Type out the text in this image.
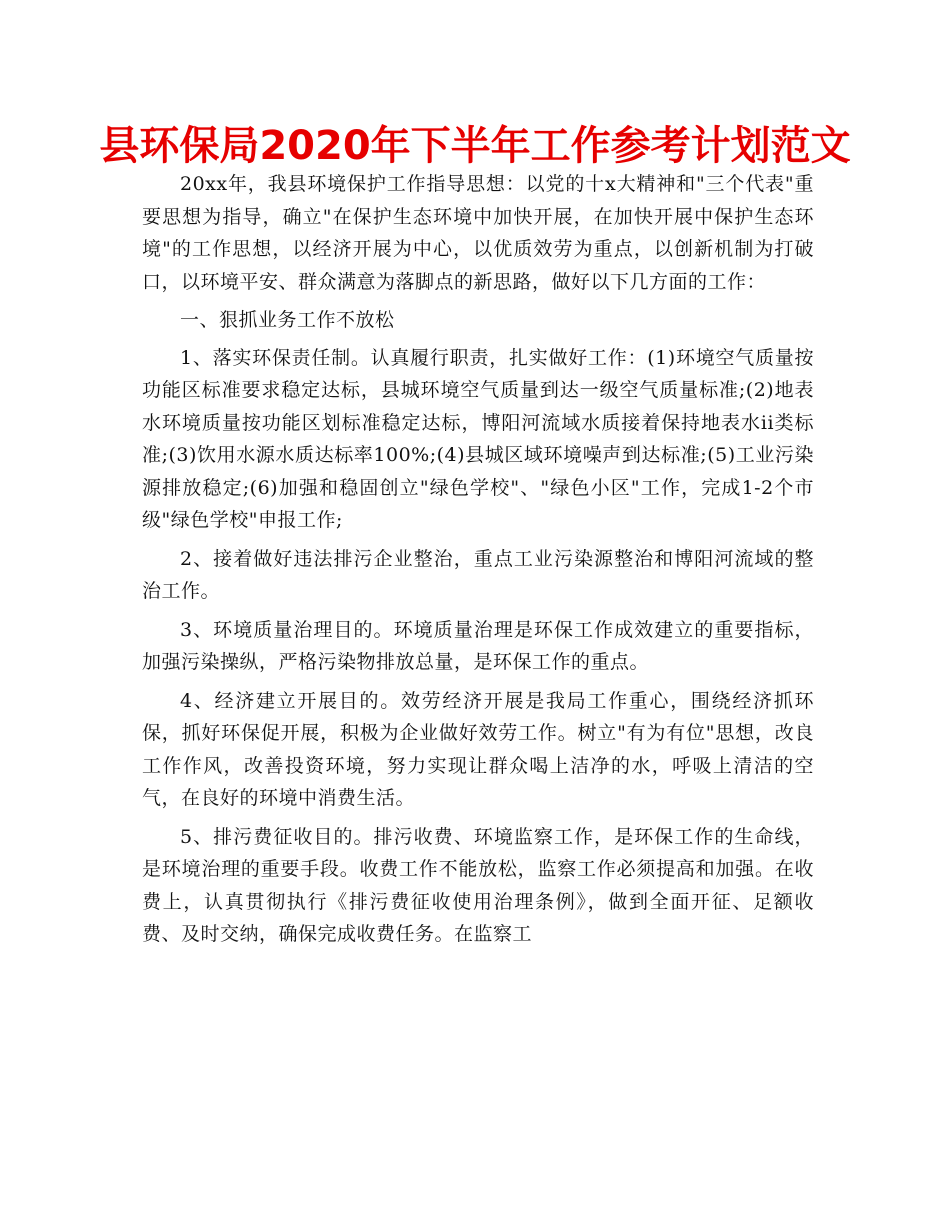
县环保局2020年下半年工作参考计划范文

20xx年，我县环境保护工作指导思想：以党的十x大精神和"三个代表"重要思想为指导，确立"在保护生态环境中加快开展，在加快开展中保护生态环境"的工作思想，以经济开展为中心，以优质效劳为重点，以创新机制为打破口，以环境平安、群众满意为落脚点的新思路，做好以下几方面的工作：

一、狠抓业务工作不放松

1、落实环保责任制。认真履行职责，扎实做好工作：(1)环境空气质量按功能区标准要求稳定达标，县城环境空气质量到达一级空气质量标准;(2)地表水环境质量按功能区划标准稳定达标，博阳河流域水质接着保持地表水ii类标准;(3)饮用水源水质达标率100%;(4)县城区域环境噪声到达标准;(5)工业污染源排放稳定;(6)加强和稳固创立"绿色学校"、"绿色小区"工作，完成1-2个市级"绿色学校"申报工作;

2、接着做好违法排污企业整治，重点工业污染源整治和博阳河流域的整治工作。

3、环境质量治理目的。环境质量治理是环保工作成效建立的重要指标，加强污染操纵，严格污染物排放总量，是环保工作的重点。

4、经济建立开展目的。效劳经济开展是我局工作重心，围绕经济抓环保，抓好环保促开展，积极为企业做好效劳工作。树立"有为有位"思想，改良工作作风，改善投资环境，努力实现让群众喝上洁净的水，呼吸上清洁的空气，在良好的环境中消费生活。

5、排污费征收目的。排污收费、环境监察工作，是环保工作的生命线，是环境治理的重要手段。收费工作不能放松，监察工作必须提高和加强。在收费上，认真贯彻执行《排污费征收使用治理条例》，做到全面开征、足额收费、及时交纳，确保完成收费任务。在监察工
